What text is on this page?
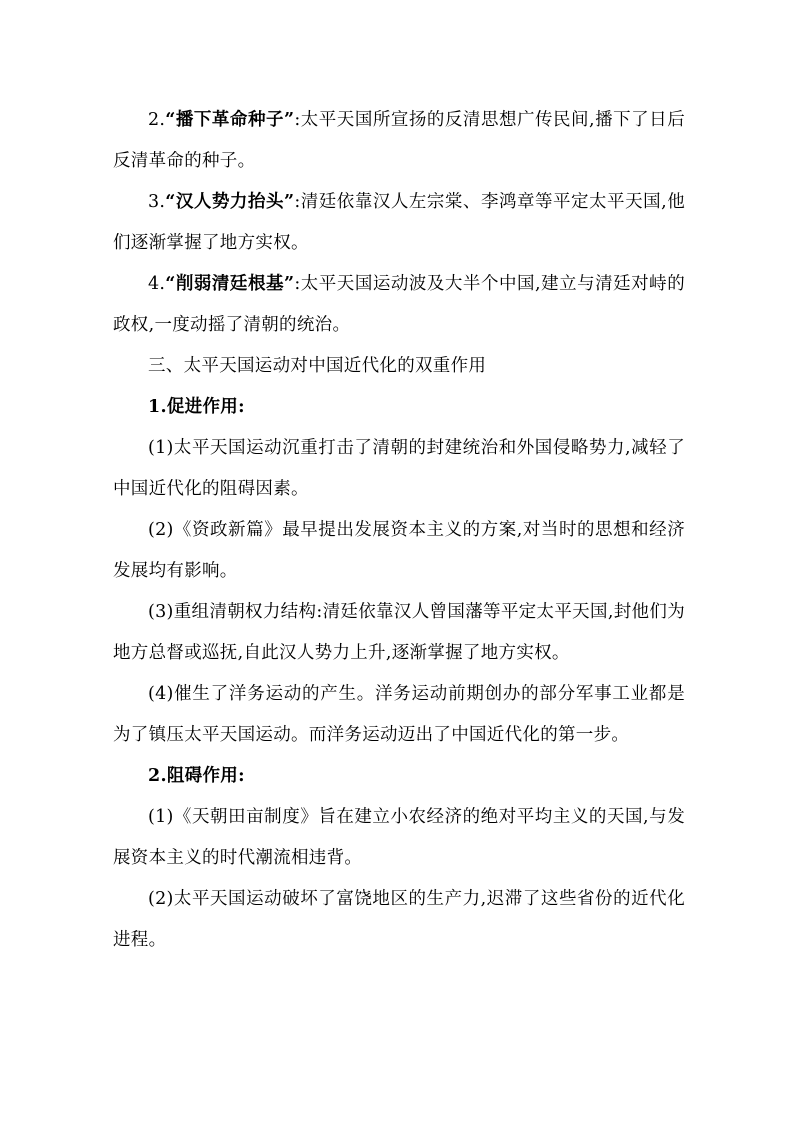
2.“播下革命种子”:太平天国所宣扬的反清思想广传民间,播下了日后反清革命的种子。

3.“汉人势力抬头”:清廷依靠汉人左宗棠、李鸿章等平定太平天国,他们逐渐掌握了地方实权。

4.“削弱清廷根基”:太平天国运动波及大半个中国,建立与清廷对峙的政权,一度动摇了清朝的统治。

三、太平天国运动对中国近代化的双重作用

1.促进作用:

(1)太平天国运动沉重打击了清朝的封建统治和外国侵略势力,减轻了中国近代化的阻碍因素。

(2)《资政新篇》最早提出发展资本主义的方案,对当时的思想和经济发展均有影响。

(3)重组清朝权力结构:清廷依靠汉人曾国藩等平定太平天国,封他们为地方总督或巡抚,自此汉人势力上升,逐渐掌握了地方实权。

(4)催生了洋务运动的产生。洋务运动前期创办的部分军事工业都是为了镇压太平天国运动。而洋务运动迈出了中国近代化的第一步。

2.阻碍作用:

(1)《天朝田亩制度》旨在建立小农经济的绝对平均主义的天国,与发展资本主义的时代潮流相违背。

(2)太平天国运动破坏了富饶地区的生产力,迟滞了这些省份的近代化进程。
